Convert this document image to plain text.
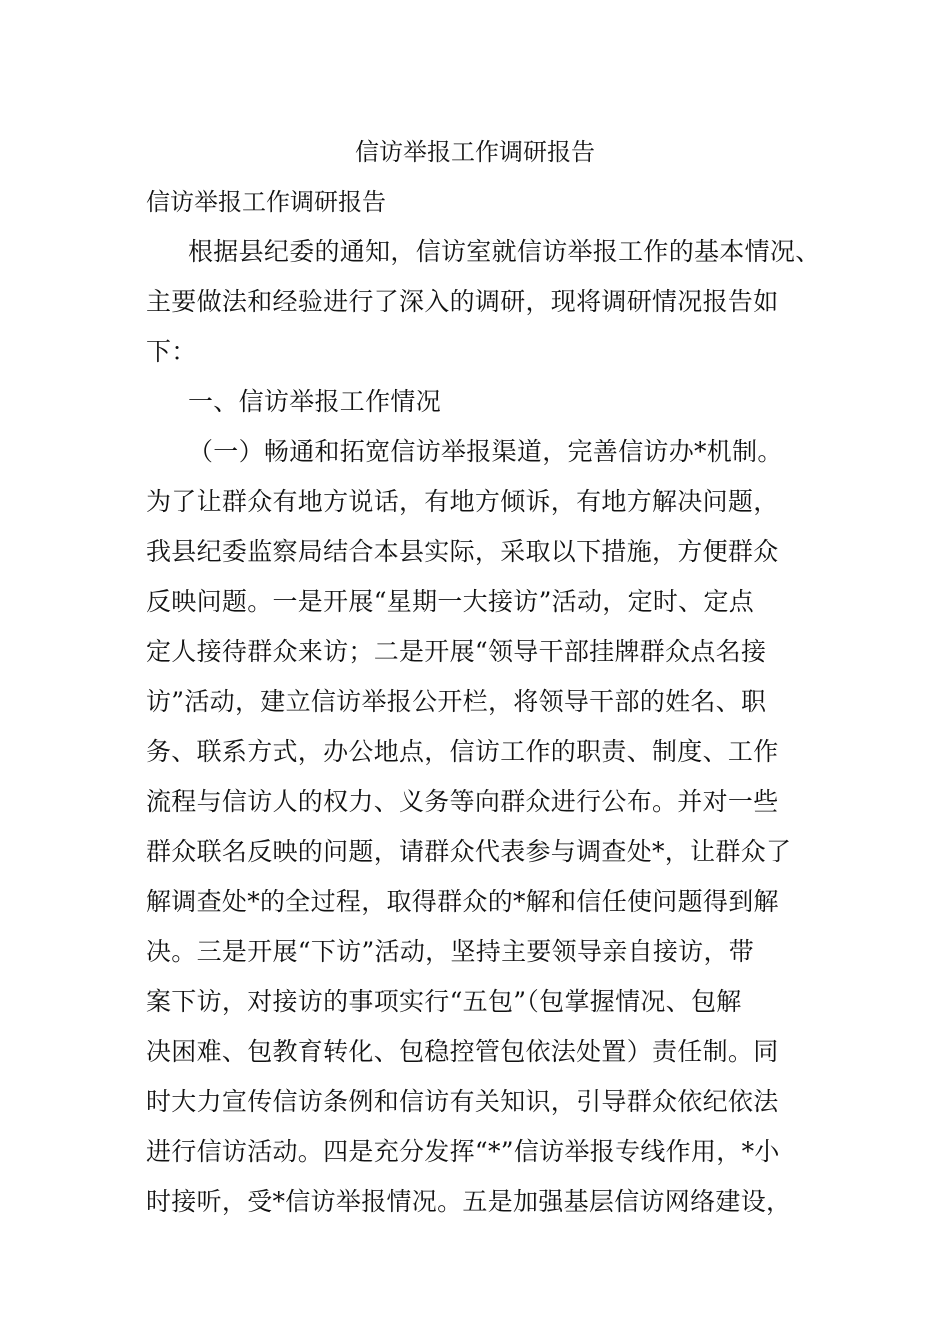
信访举报工作调研报告
信访举报工作调研报告
根据县纪委的通知，信访室就信访举报工作的基本情况、
主要做法和经验进行了深入的调研，现将调研情况报告如
下：
一、信访举报工作情况
（一）畅通和拓宽信访举报渠道，完善信访办*机制。
为了让群众有地方说话，有地方倾诉，有地方解决问题，
我县纪委监察局结合本县实际，采取以下措施，方便群众
反映问题。一是开展“星期一大接访”活动，定时、定点
定人接待群众来访；二是开展“领导干部挂牌群众点名接
访”活动，建立信访举报公开栏，将领导干部的姓名、职
务、联系方式，办公地点，信访工作的职责、制度、工作
流程与信访人的权力、义务等向群众进行公布。并对一些
群众联名反映的问题，请群众代表参与调查处*，让群众了
解调查处*的全过程，取得群众的*解和信任使问题得到解
决。三是开展“下访”活动，坚持主要领导亲自接访，带
案下访，对接访的事项实行“五包”（包掌握情况、包解
决困难、包教育转化、包稳控管包依法处置）责任制。同
时大力宣传信访条例和信访有关知识，引导群众依纪依法
进行信访活动。四是充分发挥“*”信访举报专线作用，*小
时接听，受*信访举报情况。五是加强基层信访网络建设，
